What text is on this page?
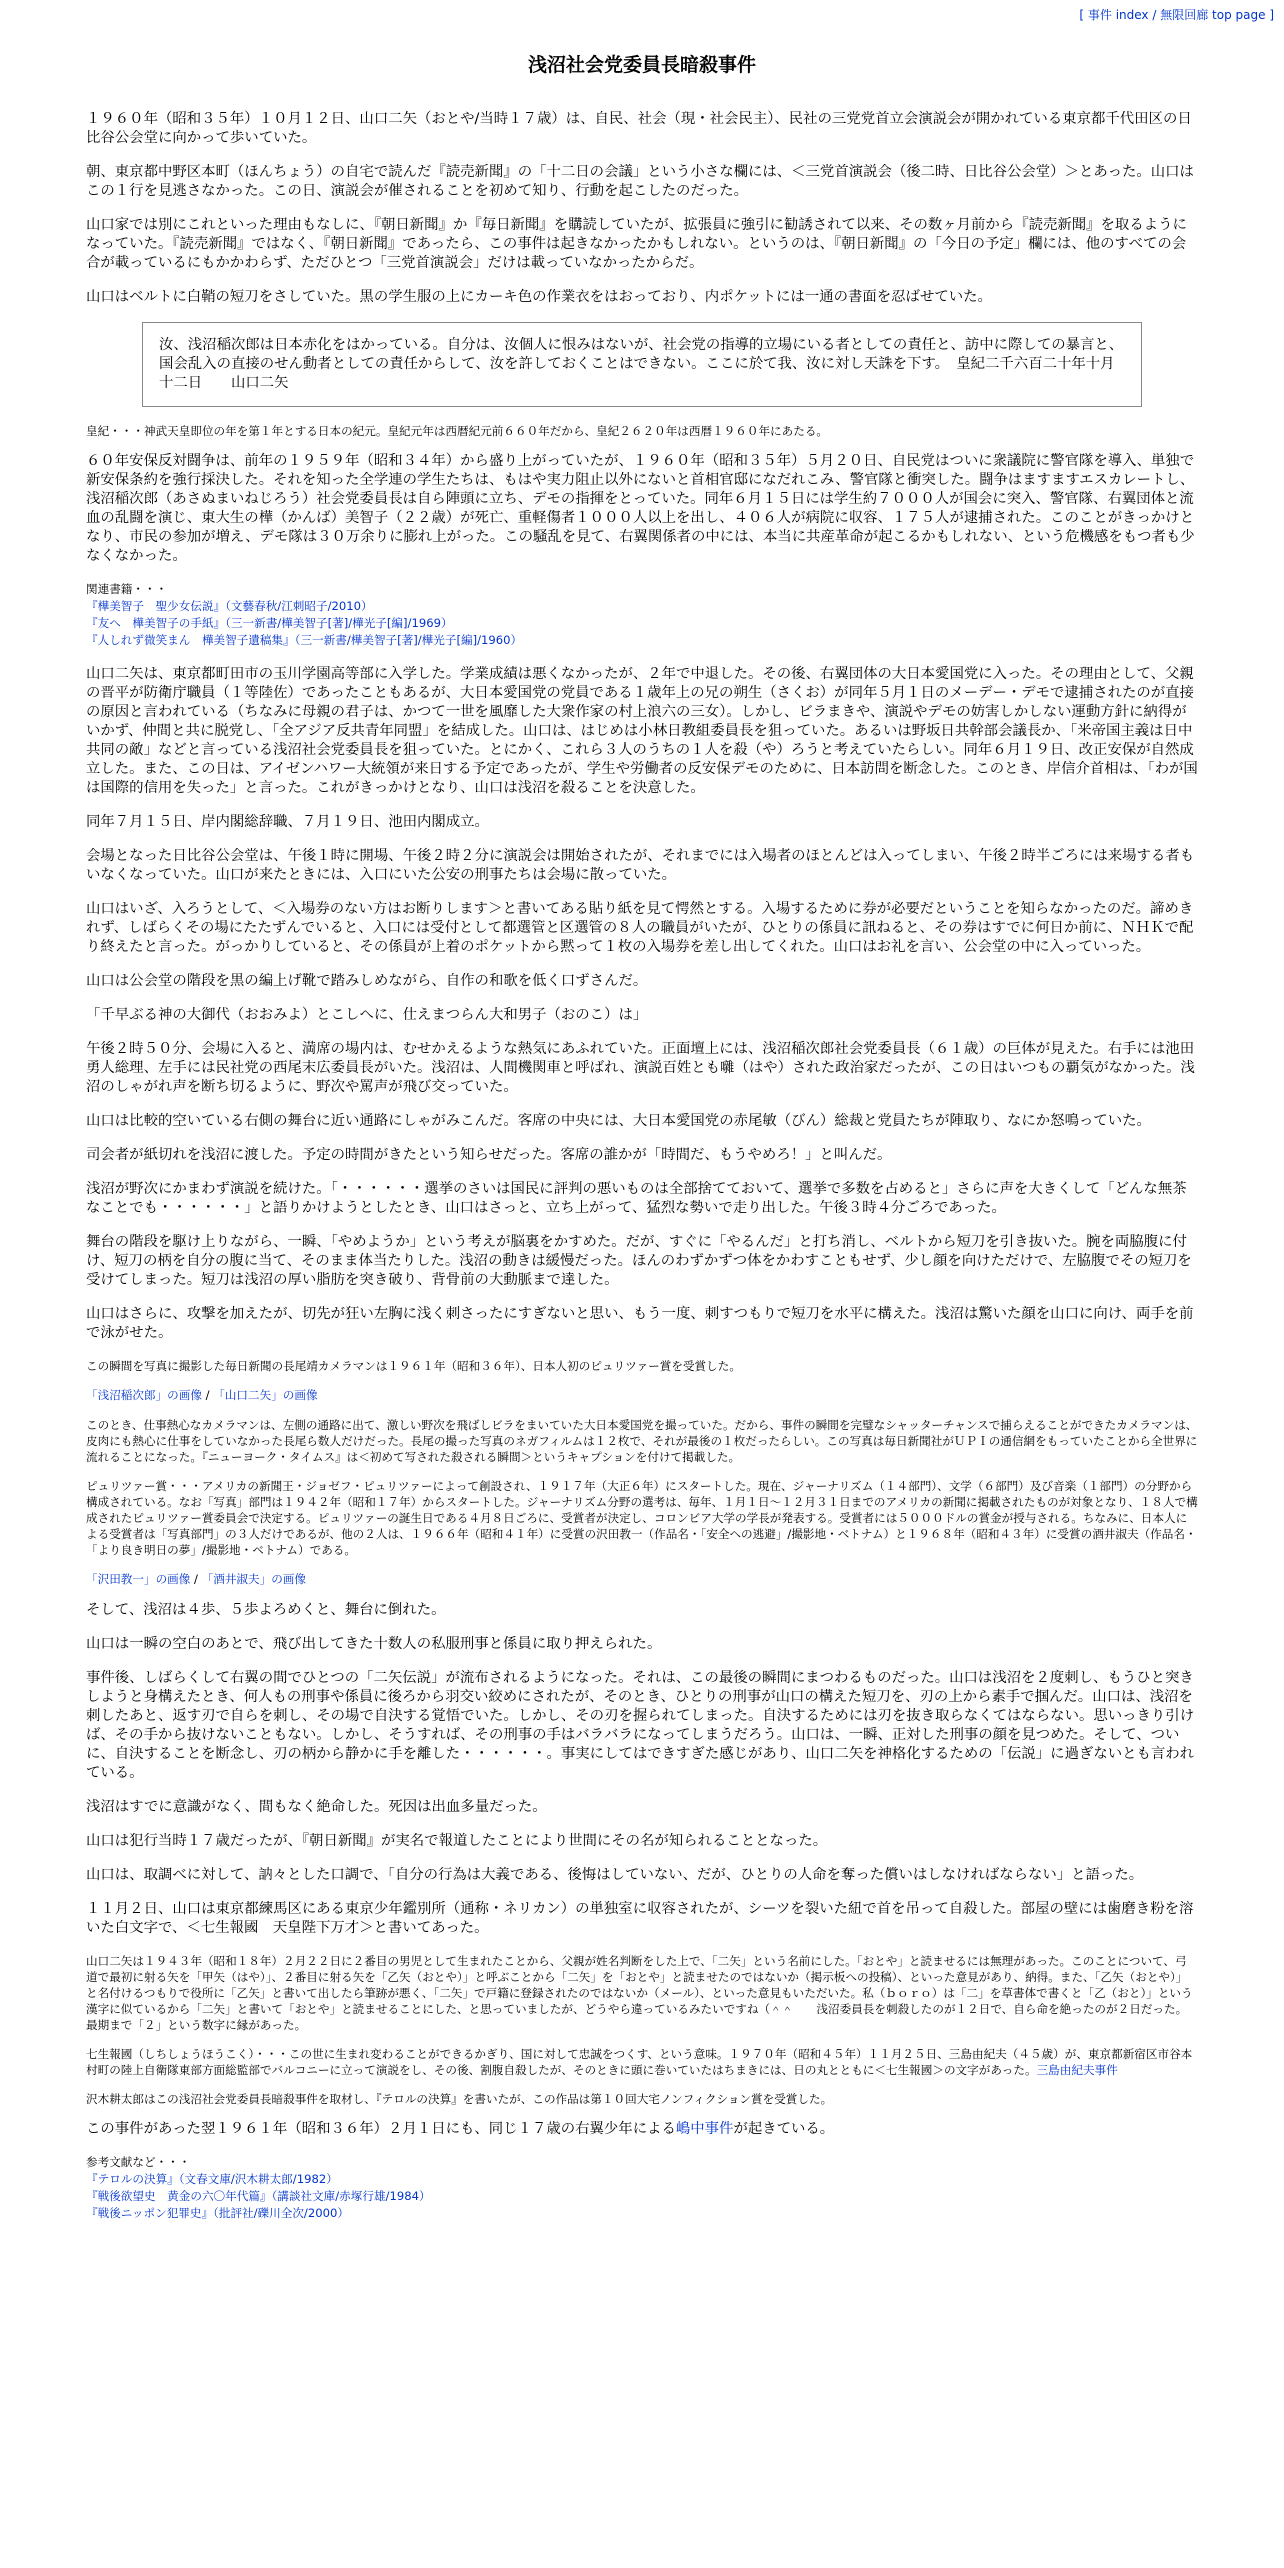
[ 事件 index / 無限回廊 top page ]
浅沼社会党委員長暗殺事件

１９６０年（昭和３５年）１０月１２日、山口二矢（おとや/当時１７歳）は、自民、社会（現・社会民主）、民社の三党党首立会演説会が開かれている東京都千代田区の日比谷公会堂に向かって歩いていた。

朝、東京都中野区本町（ほんちょう）の自宅で読んだ『読売新聞』の「十二日の会議」という小さな欄には、＜三党首演説会（後二時、日比谷公会堂）＞とあった。山口はこの１行を見逃さなかった。この日、演説会が催されることを初めて知り、行動を起こしたのだった。

山口家では別にこれといった理由もなしに、『朝日新聞』か『毎日新聞』を購読していたが、拡張員に強引に勧誘されて以来、その数ヶ月前から『読売新聞』を取るようになっていた。『読売新聞』ではなく、『朝日新聞』であったら、この事件は起きなかったかもしれない。というのは、『朝日新聞』の「今日の予定」欄には、他のすべての会合が載っているにもかかわらず、ただひとつ「三党首演説会」だけは載っていなかったからだ。

山口はベルトに白鞘の短刀をさしていた。黒の学生服の上にカーキ色の作業衣をはおっており、内ポケットには一通の書面を忍ばせていた。

汝、浅沼稲次郎は日本赤化をはかっている。自分は、汝個人に恨みはないが、社会党の指導的立場にいる者としての責任と、訪中に際しての暴言と、国会乱入の直接のせん動者としての責任からして、汝を許しておくことはできない。ここに於て我、汝に対し天誅を下す。　皇紀二千六百二十年十月十二日　　山口二矢

皇紀・・・神武天皇即位の年を第１年とする日本の紀元。皇紀元年は西暦紀元前６６０年だから、皇紀２６２０年は西暦１９６０年にあたる。

６０年安保反対闘争は、前年の１９５９年（昭和３４年）から盛り上がっていたが、１９６０年（昭和３５年）５月２０日、自民党はついに衆議院に警官隊を導入、単独で新安保条約を強行採決した。それを知った全学連の学生たちは、もはや実力阻止以外にないと首相官邸になだれこみ、警官隊と衝突した。闘争はますますエスカレートし、浅沼稲次郎（あさぬまいねじろう）社会党委員長は自ら陣頭に立ち、デモの指揮をとっていた。同年６月１５日には学生約７０００人が国会に突入、警官隊、右翼団体と流血の乱闘を演じ、東大生の樺（かんば）美智子（２２歳）が死亡、重軽傷者１０００人以上を出し、４０６人が病院に収容、１７５人が逮捕された。このことがきっかけとなり、市民の参加が増え、デモ隊は３０万余りに膨れ上がった。この騒乱を見て、右翼関係者の中には、本当に共産革命が起こるかもしれない、という危機感をもつ者も少なくなかった。

関連書籍・・・
『樺美智子　聖少女伝説』（文藝春秋/江刺昭子/2010）
『友へ　樺美智子の手紙』（三一新書/樺美智子[著]/樺光子[編]/1969）
『人しれず微笑まん　樺美智子遺稿集』（三一新書/樺美智子[著]/樺光子[編]/1960）

山口二矢は、東京都町田市の玉川学園高等部に入学した。学業成績は悪くなかったが、２年で中退した。その後、右翼団体の大日本愛国党に入った。その理由として、父親の晋平が防衛庁職員（１等陸佐）であったこともあるが、大日本愛国党の党員である１歳年上の兄の朔生（さくお）が同年５月１日のメーデー・デモで逮捕されたのが直接の原因と言われている（ちなみに母親の君子は、かつて一世を風靡した大衆作家の村上浪六の三女）。しかし、ビラまきや、演説やデモの妨害しかしない運動方針に納得がいかず、仲間と共に脱党し、「全アジア反共青年同盟」を結成した。山口は、はじめは小林日教組委員長を狙っていた。あるいは野坂日共幹部会議長か、「米帝国主義は日中共同の敵」などと言っている浅沼社会党委員長を狙っていた。とにかく、これら３人のうちの１人を殺（や）ろうと考えていたらしい。同年６月１９日、改正安保が自然成立した。また、この日は、アイゼンハワー大統領が来日する予定であったが、学生や労働者の反安保デモのために、日本訪問を断念した。このとき、岸信介首相は、「わが国は国際的信用を失った」と言った。これがきっかけとなり、山口は浅沼を殺ることを決意した。

同年７月１５日、岸内閣総辞職、７月１９日、池田内閣成立。

会場となった日比谷公会堂は、午後１時に開場、午後２時２分に演説会は開始されたが、それまでには入場者のほとんどは入ってしまい、午後２時半ごろには来場する者もいなくなっていた。山口が来たときには、入口にいた公安の刑事たちは会場に散っていた。

山口はいざ、入ろうとして、＜入場券のない方はお断りします＞と書いてある貼り紙を見て愕然とする。入場するために券が必要だということを知らなかったのだ。諦めきれず、しばらくその場にたたずんでいると、入口には受付として都選管と区選管の８人の職員がいたが、ひとりの係員に訊ねると、その券はすでに何日か前に、ＮＨＫで配り終えたと言った。がっかりしていると、その係員が上着のポケットから黙って１枚の入場券を差し出してくれた。山口はお礼を言い、公会堂の中に入っていった。

山口は公会堂の階段を黒の編上げ靴で踏みしめながら、自作の和歌を低く口ずさんだ。

「千早ぶる神の大御代（おおみよ）とこしへに、仕えまつらん大和男子（おのこ）は」

午後２時５０分、会場に入ると、満席の場内は、むせかえるような熱気にあふれていた。正面壇上には、浅沼稲次郎社会党委員長（６１歳）の巨体が見えた。右手には池田勇人総理、左手には民社党の西尾末広委員長がいた。浅沼は、人間機関車と呼ばれ、演説百姓とも囃（はや）された政治家だったが、この日はいつもの覇気がなかった。浅沼のしゃがれ声を断ち切るように、野次や罵声が飛び交っていた。

山口は比較的空いている右側の舞台に近い通路にしゃがみこんだ。客席の中央には、大日本愛国党の赤尾敏（びん）総裁と党員たちが陣取り、なにか怒鳴っていた。

司会者が紙切れを浅沼に渡した。予定の時間がきたという知らせだった。客席の誰かが「時間だ、もうやめろ！」と叫んだ。

浅沼が野次にかまわず演説を続けた。「・・・・・・選挙のさいは国民に評判の悪いものは全部捨てておいて、選挙で多数を占めると」さらに声を大きくして「どんな無茶なことでも・・・・・・」と語りかけようとしたとき、山口はさっと、立ち上がって、猛烈な勢いで走り出した。午後３時４分ごろであった。

舞台の階段を駆け上りながら、一瞬、「やめようか」という考えが脳裏をかすめた。だが、すぐに「やるんだ」と打ち消し、ベルトから短刀を引き抜いた。腕を両脇腹に付け、短刀の柄を自分の腹に当て、そのまま体当たりした。浅沼の動きは緩慢だった。ほんのわずかずつ体をかわすこともせず、少し顔を向けただけで、左脇腹でその短刀を受けてしまった。短刀は浅沼の厚い脂肪を突き破り、背骨前の大動脈まで達した。

山口はさらに、攻撃を加えたが、切先が狂い左胸に浅く刺さったにすぎないと思い、もう一度、刺すつもりで短刀を水平に構えた。浅沼は驚いた顔を山口に向け、両手を前で泳がせた。

この瞬間を写真に撮影した毎日新聞の長尾靖カメラマンは１９６１年（昭和３６年）、日本人初のピュリツァー賞を受賞した。

「浅沼稲次郎」の画像 / 「山口二矢」の画像

このとき、仕事熱心なカメラマンは、左側の通路に出て、激しい野次を飛ばしビラをまいていた大日本愛国党を撮っていた。だから、事件の瞬間を完璧なシャッターチャンスで捕らえることができたカメラマンは、皮肉にも熱心に仕事をしていなかった長尾ら数人だけだった。長尾の撮った写真のネガフィルムは１２枚で、それが最後の１枚だったらしい。この写真は毎日新聞社がＵＰＩの通信網をもっていたことから全世界に流れることになった。『ニューヨーク・タイムス』は＜初めて写された殺される瞬間＞というキャプションを付けて掲載した。

ピュリツァー賞・・・アメリカの新聞王・ジョゼフ・ピュリツァーによって創設され、１９１７年（大正６年）にスタートした。現在、ジャーナリズム（１４部門）、文学（６部門）及び音楽（１部門）の分野から構成されている。なお「写真」部門は１９４２年（昭和１７年）からスタートした。ジャーナリズム分野の選考は、毎年、１月１日～１２月３１日までのアメリカの新聞に掲載されたものが対象となり、１８人で構成されたピュリツァー賞委員会で決定する。ピュリツァーの誕生日である４月８日ごろに、受賞者が決定し、コロンビア大学の学長が発表する。受賞者には５０００ドルの賞金が授与される。ちなみに、日本人による受賞者は「写真部門」の３人だけであるが、他の２人は、１９６６年（昭和４１年）に受賞の沢田教一（作品名・「安全への逃避」/撮影地・ベトナム）と１９６８年（昭和４３年）に受賞の酒井淑夫（作品名・「より良き明日の夢」/撮影地・ベトナム）である。

「沢田教一」の画像 / 「酒井淑夫」の画像

そして、浅沼は４歩、５歩よろめくと、舞台に倒れた。

山口は一瞬の空白のあとで、飛び出してきた十数人の私服刑事と係員に取り押えられた。

事件後、しばらくして右翼の間でひとつの「二矢伝説」が流布されるようになった。それは、この最後の瞬間にまつわるものだった。山口は浅沼を２度刺し、もうひと突きしようと身構えたとき、何人もの刑事や係員に後ろから羽交い絞めにされたが、そのとき、ひとりの刑事が山口の構えた短刀を、刃の上から素手で掴んだ。山口は、浅沼を刺したあと、返す刃で自らを刺し、その場で自決する覚悟でいた。しかし、その刃を握られてしまった。自決するためには刃を抜き取らなくてはならない。思いっきり引けば、その手から抜けないこともない。しかし、そうすれば、その刑事の手はバラバラになってしまうだろう。山口は、一瞬、正対した刑事の顔を見つめた。そして、ついに、自決することを断念し、刃の柄から静かに手を離した・・・・・・。事実にしてはできすぎた感じがあり、山口二矢を神格化するための「伝説」に過ぎないとも言われている。

浅沼はすでに意識がなく、間もなく絶命した。死因は出血多量だった。

山口は犯行当時１７歳だったが、『朝日新聞』が実名で報道したことにより世間にその名が知られることとなった。

山口は、取調べに対して、訥々とした口調で、「自分の行為は大義である、後悔はしていない、だが、ひとりの人命を奪った償いはしなければならない」と語った。

１１月２日、山口は東京都練馬区にある東京少年鑑別所（通称・ネリカン）の単独室に収容されたが、シーツを裂いた紐で首を吊って自殺した。部屋の壁には歯磨き粉を溶いた白文字で、＜七生報國　天皇陛下万才＞と書いてあった。

山口二矢は１９４３年（昭和１８年）２月２２日に２番目の男児として生まれたことから、父親が姓名判断をした上で、「二矢」という名前にした。「おとや」と読ませるには無理があった。このことについて、弓道で最初に射る矢を「甲矢（はや）」、２番目に射る矢を「乙矢（おとや）」と呼ぶことから「二矢」を「おとや」と読ませたのではないか（掲示板への投稿）、といった意見があり、納得。また、「乙矢（おとや）」と名付けるつもりで役所に「乙矢」と書いて出したら筆跡が悪く、「二矢」で戸籍に登録されたのではないか（メール）、といった意見もいただいた。私（ｂｏｒｏ）は「二」を草書体で書くと「乙（おと）」という漢字に似ているから「二矢」と書いて「おとや」と読ませることにした、と思っていましたが、どうやら違っているみたいですね（＾＾　　浅沼委員長を刺殺したのが１２日で、自ら命を絶ったのが２日だった。最期まで「２」という数字に縁があった。

七生報國（しちしょうほうこく）・・・この世に生まれ変わることができるかぎり、国に対して忠誠をつくす、という意味。１９７０年（昭和４５年）１１月２５日、三島由紀夫（４５歳）が、東京都新宿区市谷本村町の陸上自衛隊東部方面総監部でバルコニーに立って演説をし、その後、割腹自殺したが、そのときに頭に巻いていたはちまきには、日の丸とともに＜七生報國＞の文字があった。三島由紀夫事件

沢木耕太郎はこの浅沼社会党委員長暗殺事件を取材し、『テロルの決算』を書いたが、この作品は第１０回大宅ノンフィクション賞を受賞した。

この事件があった翌１９６１年（昭和３６年）２月１日にも、同じ１７歳の右翼少年による嶋中事件が起きている。

参考文献など・・・
『テロルの決算』（文春文庫/沢木耕太郎/1982）
『戦後欲望史　黄金の六〇年代篇』（講談社文庫/赤塚行雄/1984）
『戦後ニッポン犯罪史』（批評社/礫川全次/2000）
